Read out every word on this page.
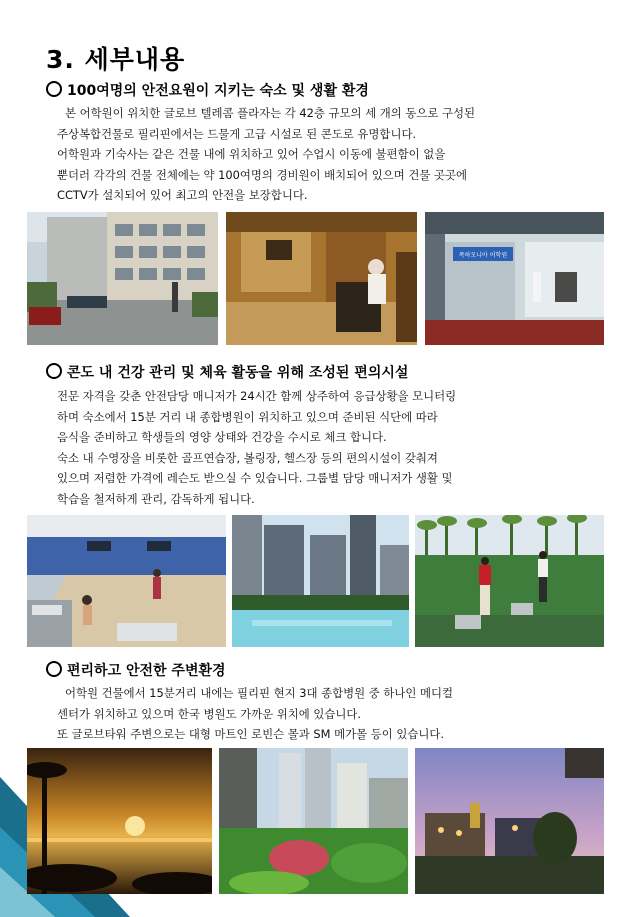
3. 세부내용
100여명의 안전요원이 지키는 숙소 및 생활 환경
본 어학원이 위치한 글로브 텔레콤 플라자는 각 42층 규모의 세 개의 동으로 구성된
주상복합건물로 필리핀에서는 드물게 고급 시설로 된 콘도로 유명합니다.
어학원과 기숙사는 같은 건물 내에 위치하고 있어 수업시 이동에 불편함이 없을
뿐더러 각각의 건물 전체에는 약 100여명의 경비원이 배치되어 있으며 건물 곳곳에
CCTV가 설치되어 있어 최고의 안전을 보장합니다.
폭하모니아 어학원
콘도 내 건강 관리 및 체육 활동을 위해 조성된 편의시설
전문 자격을 갖춘 안전담당 매니저가 24시간 함께 상주하여 응급상황을 모니터링
하며 숙소에서 15분 거리 내 종합병원이 위치하고 있으며 준비된 식단에 따라
음식을 준비하고 학생들의 영양 상태와 건강을 수시로 체크 합니다.
숙소 내 수영장을 비롯한 골프연습장, 볼링장, 헬스장 등의 편의시설이 갖춰져
있으며 저렴한 가격에 레슨도 받으실 수 있습니다. 그룹별 담당 매니저가 생활 및
학습을 철저하게 관리, 감독하게 됩니다.
편리하고 안전한 주변환경
어학원 건물에서 15분거리 내에는 필리핀 현지 3대 종합병원 중 하나인 메디컬
센터가 위치하고 있으며 한국 병원도 가까운 위치에 있습니다.
또 글로브타워 주변으로는 대형 마트인 로빈슨 몰과 SM 메가몰 등이 있습니다.
